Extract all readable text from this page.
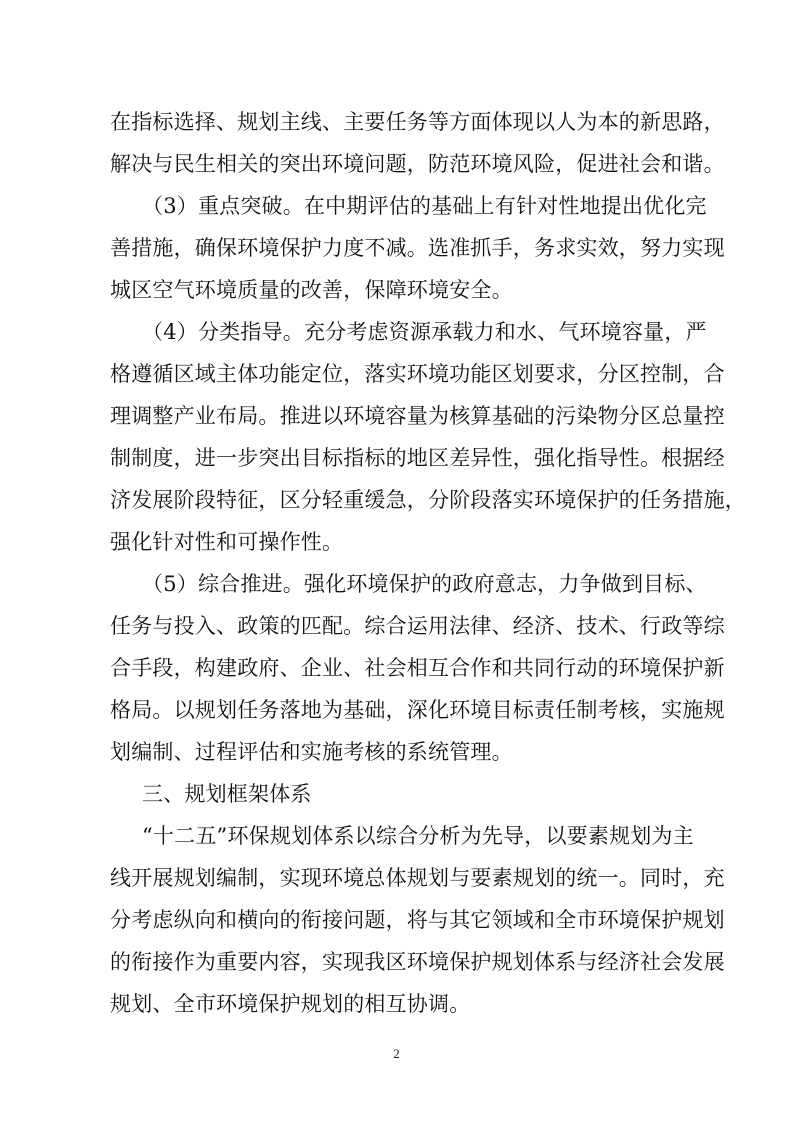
在指标选择、规划主线、主要任务等方面体现以人为本的新思路，
解决与民生相关的突出环境问题，防范环境风险，促进社会和谐。
（3）重点突破。在中期评估的基础上有针对性地提出优化完
善措施，确保环境保护力度不减。选准抓手，务求实效，努力实现
城区空气环境质量的改善，保障环境安全。
（4）分类指导。充分考虑资源承载力和水、气环境容量，严
格遵循区域主体功能定位，落实环境功能区划要求，分区控制，合
理调整产业布局。推进以环境容量为核算基础的污染物分区总量控
制制度，进一步突出目标指标的地区差异性，强化指导性。根据经
济发展阶段特征，区分轻重缓急，分阶段落实环境保护的任务措施，
强化针对性和可操作性。
（5）综合推进。强化环境保护的政府意志，力争做到目标、
任务与投入、政策的匹配。综合运用法律、经济、技术、行政等综
合手段，构建政府、企业、社会相互合作和共同行动的环境保护新
格局。以规划任务落地为基础，深化环境目标责任制考核，实施规
划编制、过程评估和实施考核的系统管理。
三、规划框架体系
“十二五”环保规划体系以综合分析为先导，以要素规划为主
线开展规划编制，实现环境总体规划与要素规划的统一。同时，充
分考虑纵向和横向的衔接问题，将与其它领域和全市环境保护规划
的衔接作为重要内容，实现我区环境保护规划体系与经济社会发展
规划、全市环境保护规划的相互协调。
2
